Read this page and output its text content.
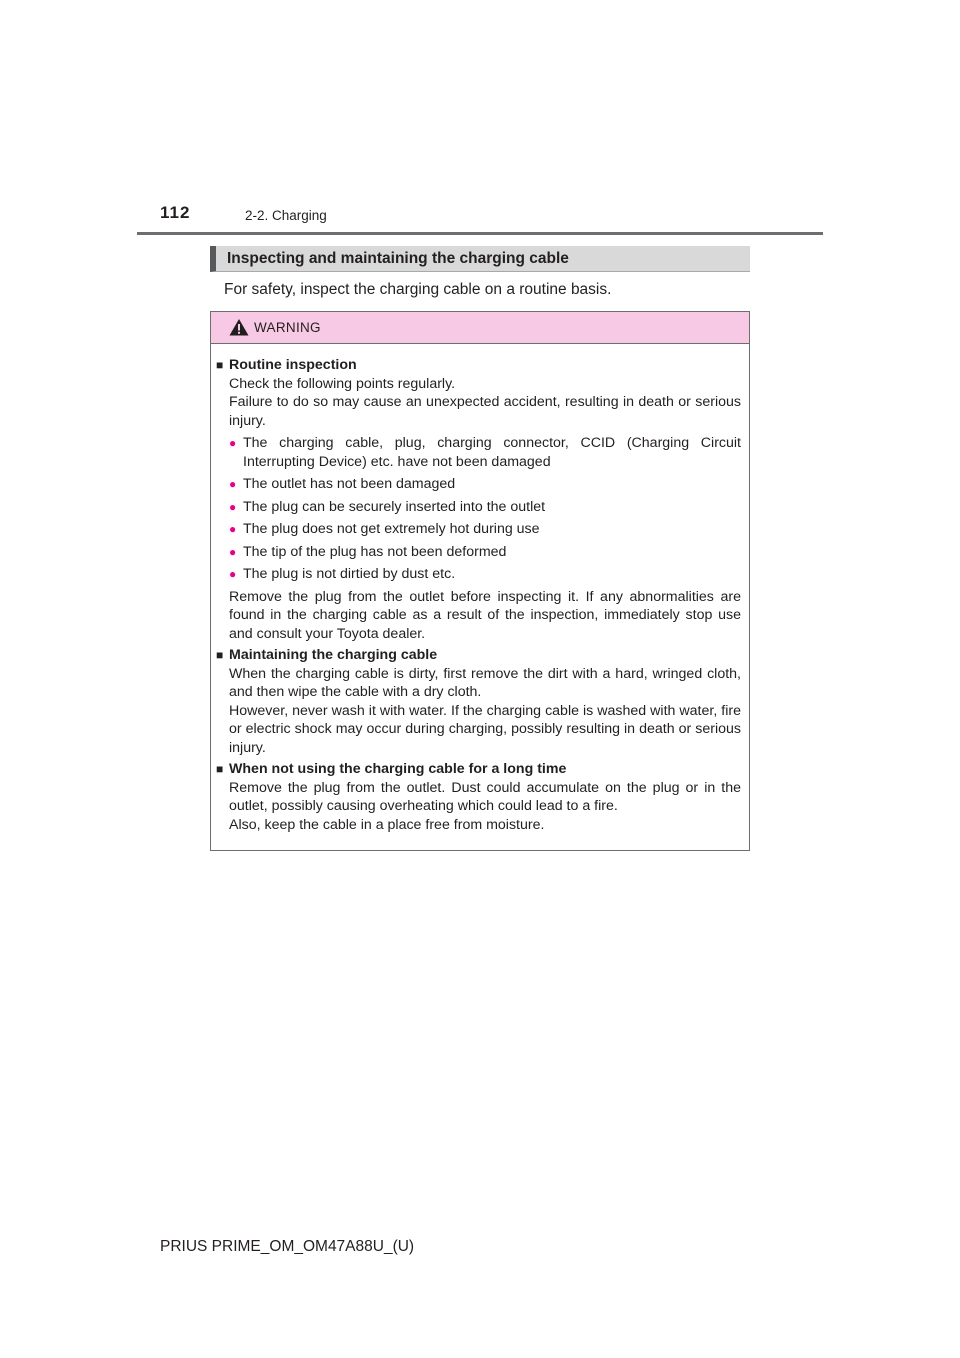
112	2-2. Charging
Inspecting and maintaining the charging cable
For safety, inspect the charging cable on a routine basis.
WARNING
■ Routine inspection
Check the following points regularly.
Failure to do so may cause an unexpected accident, resulting in death or serious injury.
● The charging cable, plug, charging connector, CCID (Charging Circuit Interrupting Device) etc. have not been damaged
● The outlet has not been damaged
● The plug can be securely inserted into the outlet
● The plug does not get extremely hot during use
● The tip of the plug has not been deformed
● The plug is not dirtied by dust etc.
Remove the plug from the outlet before inspecting it. If any abnormalities are found in the charging cable as a result of the inspection, immediately stop use and consult your Toyota dealer.
■ Maintaining the charging cable
When the charging cable is dirty, first remove the dirt with a hard, wringed cloth, and then wipe the cable with a dry cloth.
However, never wash it with water. If the charging cable is washed with water, fire or electric shock may occur during charging, possibly resulting in death or serious injury.
■ When not using the charging cable for a long time
Remove the plug from the outlet. Dust could accumulate on the plug or in the outlet, possibly causing overheating which could lead to a fire.
Also, keep the cable in a place free from moisture.
PRIUS PRIME_OM_OM47A88U_(U)
